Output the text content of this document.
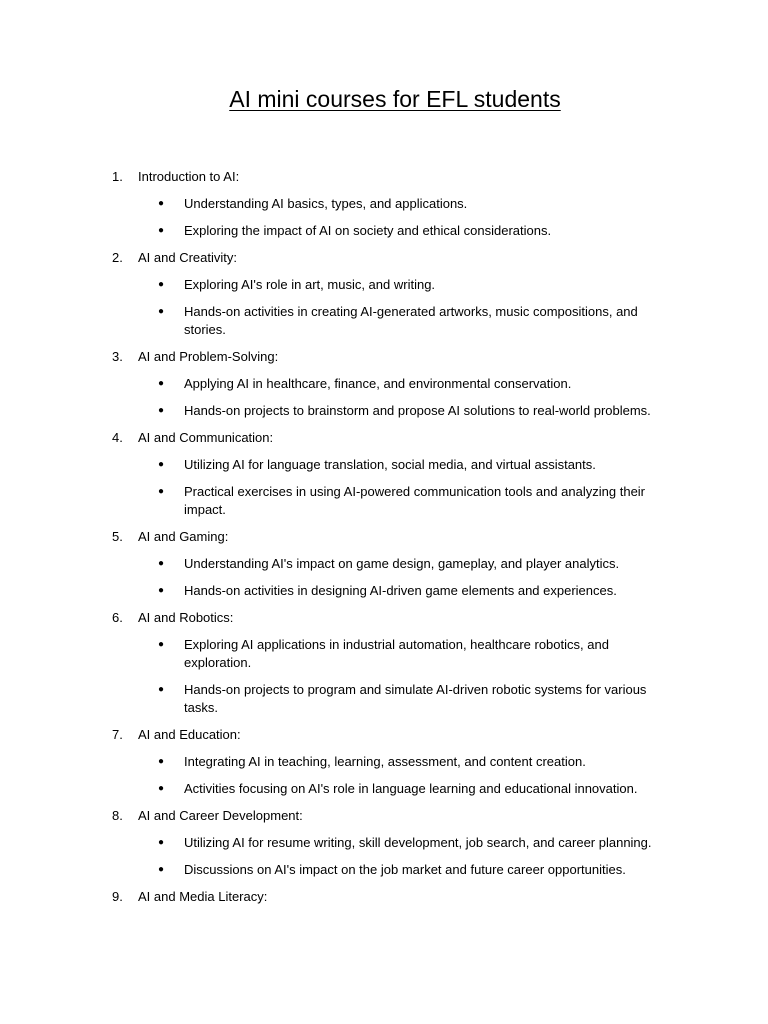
AI mini courses for EFL students
1.	Introduction to AI:
●	Understanding AI basics, types, and applications.
●	Exploring the impact of AI on society and ethical considerations.
2.	AI and Creativity:
●	Exploring AI's role in art, music, and writing.
●	Hands-on activities in creating AI-generated artworks, music compositions, and stories.
3.	AI and Problem-Solving:
●	Applying AI in healthcare, finance, and environmental conservation.
●	Hands-on projects to brainstorm and propose AI solutions to real-world problems.
4.	AI and Communication:
●	Utilizing AI for language translation, social media, and virtual assistants.
●	Practical exercises in using AI-powered communication tools and analyzing their impact.
5.	AI and Gaming:
●	Understanding AI's impact on game design, gameplay, and player analytics.
●	Hands-on activities in designing AI-driven game elements and experiences.
6.	AI and Robotics:
●	Exploring AI applications in industrial automation, healthcare robotics, and exploration.
●	Hands-on projects to program and simulate AI-driven robotic systems for various tasks.
7.	AI and Education:
●	Integrating AI in teaching, learning, assessment, and content creation.
●	Activities focusing on AI's role in language learning and educational innovation.
8.	AI and Career Development:
●	Utilizing AI for resume writing, skill development, job search, and career planning.
●	Discussions on AI's impact on the job market and future career opportunities.
9.	AI and Media Literacy:
